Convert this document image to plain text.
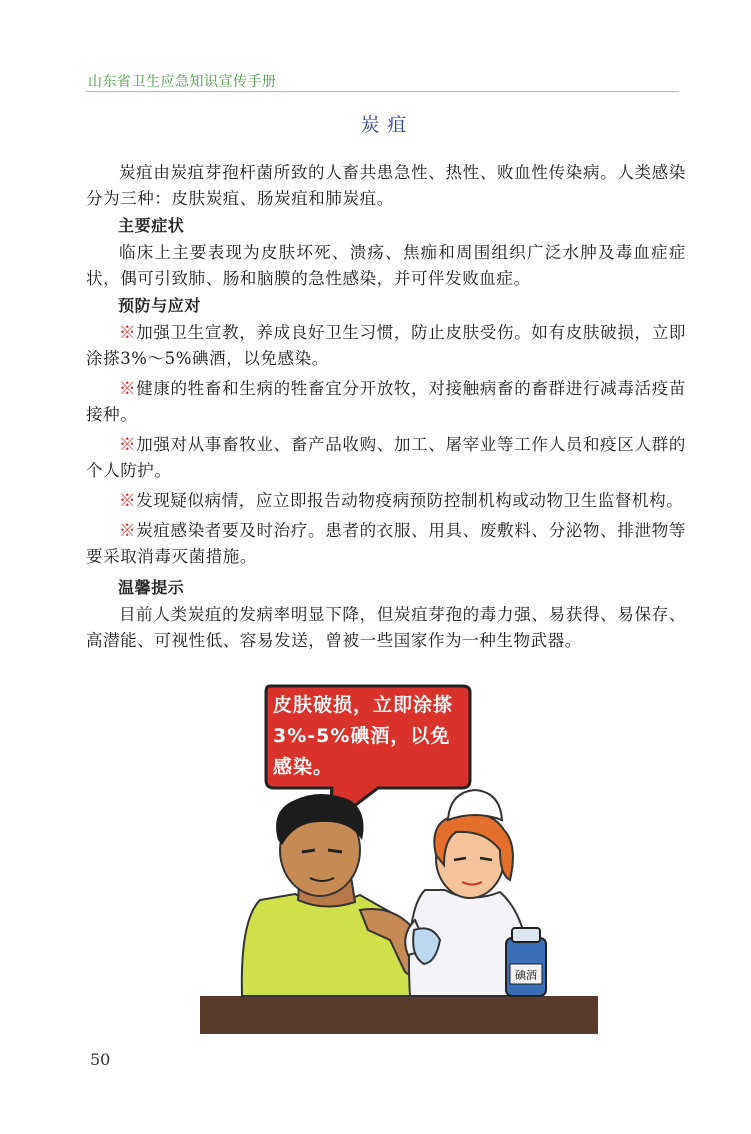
山东省卫生应急知识宣传手册
炭疽

炭疽由炭疽芽孢杆菌所致的人畜共患急性、热性、败血性传染病。人类感染分为三种：皮肤炭疽、肠炭疽和肺炭疽。

主要症状

临床上主要表现为皮肤坏死、溃疡、焦痂和周围组织广泛水肿及毒血症症状，偶可引致肺、肠和脑膜的急性感染，并可伴发败血症。

预防与应对

※加强卫生宣教，养成良好卫生习惯，防止皮肤受伤。如有皮肤破损，立即涂搽3%～5%碘酒，以免感染。

※健康的牲畜和生病的牲畜宜分开放牧，对接触病畜的畜群进行减毒活疫苗接种。

※加强对从事畜牧业、畜产品收购、加工、屠宰业等工作人员和疫区人群的个人防护。

※发现疑似病情，应立即报告动物疫病预防控制机构或动物卫生监督机构。

※炭疽感染者要及时治疗。患者的衣服、用具、废敷料、分泌物、排泄物等要采取消毒灭菌措施。

温馨提示

目前人类炭疽的发病率明显下降，但炭疽芽孢的毒力强、易获得、易保存、高潜能、可视性低、容易发送，曾被一些国家作为一种生物武器。

碘酒
皮肤破损，立即涂搽3%-5%碘酒，以免感染。
50
